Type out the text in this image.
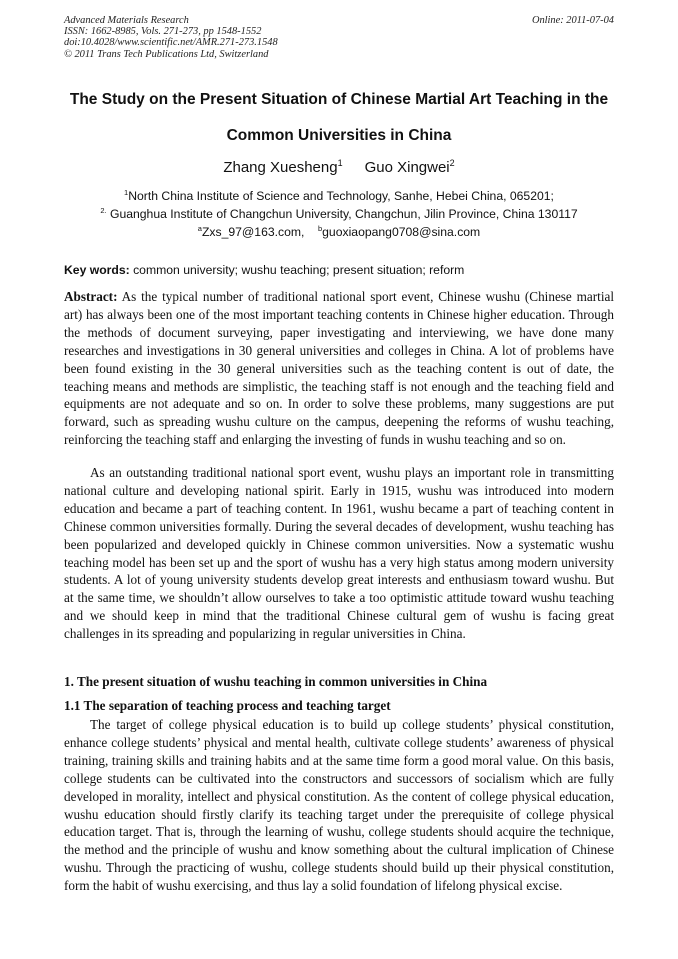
Advanced Materials Research
ISSN: 1662-8985, Vols. 271-273, pp 1548-1552
doi:10.4028/www.scientific.net/AMR.271-273.1548
© 2011 Trans Tech Publications Ltd, Switzerland
Online: 2011-07-04
The Study on the Present Situation of Chinese Martial Art Teaching in the
Common Universities in China
Zhang Xuesheng$^1$ Guo Xingwei$^2$
$^1$North China Institute of Science and Technology, Sanhe, Hebei China, 065201;
$^{2.}$ Guanghua Institute of Changchun University, Changchun, Jilin Province, China 130117
$^a$Zxs_97@163.com, $^b$guoxiaopang0708@sina.com
Key words: common university; wushu teaching; present situation; reform
Abstract: As the typical number of traditional national sport event, Chinese wushu (Chinese martial art) has always been one of the most important teaching contents in Chinese higher education. Through the methods of document surveying, paper investigating and interviewing, we have done many researches and investigations in 30 general universities and colleges in China. A lot of problems have been found existing in the 30 general universities such as the teaching content is out of date, the teaching means and methods are simplistic, the teaching staff is not enough and the teaching field and equipments are not adequate and so on. In order to solve these problems, many suggestions are put forward, such as spreading wushu culture on the campus, deepening the reforms of wushu teaching, reinforcing the teaching staff and enlarging the investing of funds in wushu teaching and so on.
As an outstanding traditional national sport event, wushu plays an important role in transmitting national culture and developing national spirit. Early in 1915, wushu was introduced into modern education and became a part of teaching content. In 1961, wushu became a part of teaching content in Chinese common universities formally. During the several decades of development, wushu teaching has been popularized and developed quickly in Chinese common universities. Now a systematic wushu teaching model has been set up and the sport of wushu has a very high status among modern university students. A lot of young university students develop great interests and enthusiasm toward wushu. But at the same time, we shouldn’t allow ourselves to take a too optimistic attitude toward wushu teaching and we should keep in mind that the traditional Chinese cultural gem of wushu is facing great challenges in its spreading and popularizing in regular universities in China.
1. The present situation of wushu teaching in common universities in China
1.1 The separation of teaching process and teaching target
The target of college physical education is to build up college students’ physical constitution, enhance college students’ physical and mental health, cultivate college students’ awareness of physical training, training skills and training habits and at the same time form a good moral value. On this basis, college students can be cultivated into the constructors and successors of socialism which are fully developed in morality, intellect and physical constitution. As the content of college physical education, wushu education should firstly clarify its teaching target under the prerequisite of college physical education target. That is, through the learning of wushu, college students should acquire the technique, the method and the principle of wushu and know something about the cultural implication of Chinese wushu. Through the practicing of wushu, college students should build up their physical constitution, form the habit of wushu exercising, and thus lay a solid foundation of lifelong physical excise.
